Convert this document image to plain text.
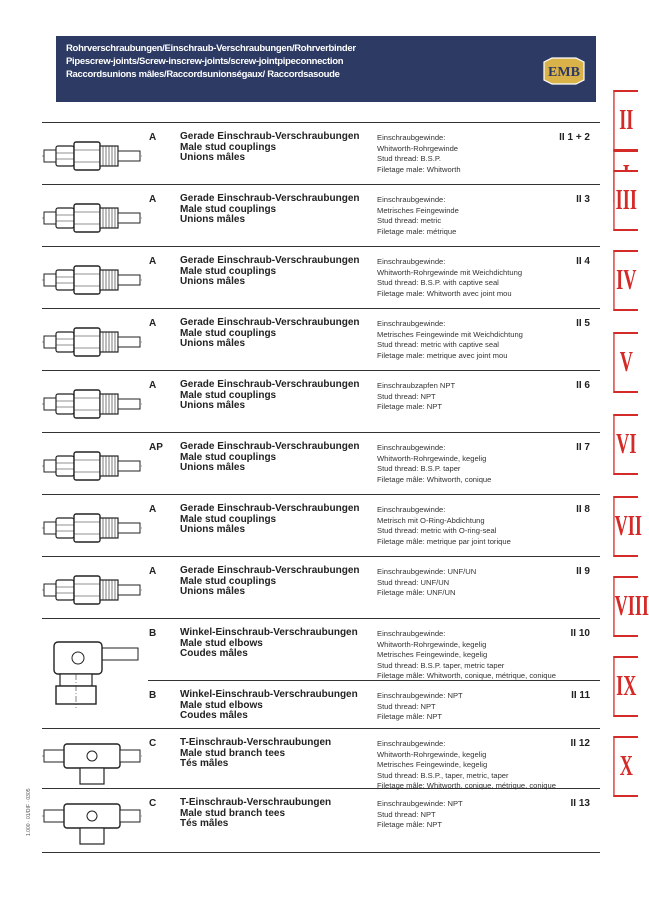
Rohrverschraubungen/Einschraub-Verschraubungen/Rohrverbinder
Pipescrew-joints/Screw-inscrew-joints/screw-jointpipeconnection
Raccordsunions mâles/Raccordsunionségaux/ Raccordsasoude	EMB
II
III
IV
V
VI
VII
VIII
IX
X
A Gerade Einschraub-Verschraubungen
Male stud couplings
Unions mâles
Einschraubgewinde:
Whitworth-Rohrgewinde
Stud thread: B.S.P.
Filetage male: Whitworth
II 1 + 2
A Gerade Einschraub-Verschraubungen
Male stud couplings
Unions mâles
Einschraubgewinde:
Metrisches Feingewinde
Stud thread: metric
Filetage male: métrique
II 3
A Gerade Einschraub-Verschraubungen
Male stud couplings
Unions mâles
Einschraubgewinde:
Whitworth-Rohrgewinde mit Weichdichtung
Stud thread: B.S.P. with captive seal
Filetage male: Whitworth avec joint mou
II 4
A Gerade Einschraub-Verschraubungen
Male stud couplings
Unions mâles
Einschraubgewinde:
Metrisches Feingewinde mit Weichdichtung
Stud thread: metric with captive seal
Filetage male: metrique avec joint mou
II 5
A Gerade Einschraub-Verschraubungen
Male stud couplings
Unions mâles
Einschraubzapfen NPT
Stud thread: NPT
Filetage male: NPT
II 6
AP Gerade Einschraub-Verschraubungen
Male stud couplings
Unions mâles
Einschraubgewinde:
Whitworth-Rohrgewinde, kegelig
Stud thread: B.S.P. taper
Filetage mâle: Whitworth, conique
II 7
A Gerade Einschraub-Verschraubungen
Male stud couplings
Unions mâles
Einschraubgewinde:
Metrisch mit O-Ring-Abdichtung
Stud thread: metric with O-ring-seal
Filetage mâle: metrique par joint torique
II 8
A Gerade Einschraub-Verschraubungen
Male stud couplings
Unions mâles
Einschraubgewinde: UNF/UN
Stud thread: UNF/UN
Filetage mâle: UNF/UN
II 9
B Winkel-Einschraub-Verschraubungen
Male stud elbows
Coudes mâles
Einschraubgewinde:
Whitworth-Rohrgewinde, kegelig
Metrisches Feingewinde, kegelig
Stud thread: B.S.P. taper, metric taper
Filetage mâle: Whitworth, conique, métrique, conique
II 10
B Winkel-Einschraub-Verschraubungen
Male stud elbows
Coudes mâles
Einschraubgewinde: NPT
Stud thread: NPT
Filetage mâle: NPT
II 11
C T-Einschraub-Verschraubungen
Male stud branch tees
Tés mâles
Einschraubgewinde:
Whitworth-Rohrgewinde, kegelig
Metrisches Feingewinde, kegelig
Stud thread: B.S.P., taper, metric, taper
Filetage mâle: Whitworth, conique, métrique, conique
II 12
C T-Einschraub-Verschraubungen
Male stud branch tees
Tés mâles
Einschraubgewinde: NPT
Stud thread: NPT
Filetage mâle: NPT
II 13
1.000 · 01/DIF · 0305
